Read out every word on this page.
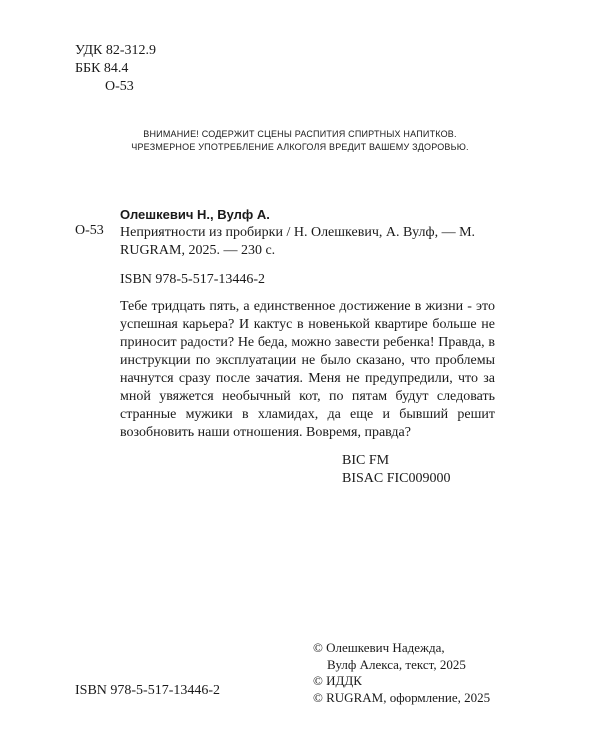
УДК 82-312.9
ББК 84.4
О-53
ВНИМАНИЕ! СОДЕРЖИТ СЦЕНЫ РАСПИТИЯ СПИРТНЫХ НАПИТКОВ.
ЧРЕЗМЕРНОЕ УПОТРЕБЛЕНИЕ АЛКОГОЛЯ ВРЕДИТ ВАШЕМУ ЗДОРОВЬЮ.
О-53
Олешкевич Н., Вулф А.
Неприятности из пробирки / Н. Олешкевич, А. Вулф, — М.
RUGRAM, 2025. — 230 с.
ISBN 978-5-517-13446-2

Тебе тридцать пять, а единственное достижение в жизни - это успешная карьера? И кактус в новенькой квартире больше не приносит радости? Не беда, можно завести ребенка! Правда, в инструкции по эксплуатации не было сказано, что проблемы начнутся сразу после зачатия. Меня не предупредили, что за мной увяжется необычный кот, по пятам будут следовать странные мужики в хламидах, да еще и бывший решит возобновить наши отношения. Вовремя, правда?

BIC FM
BISAC FIC009000
© Олешкевич Надежда,
Вулф Алекса, текст, 2025
© ИДДК
© RUGRAM, оформление, 2025
ISBN 978-5-517-13446-2
